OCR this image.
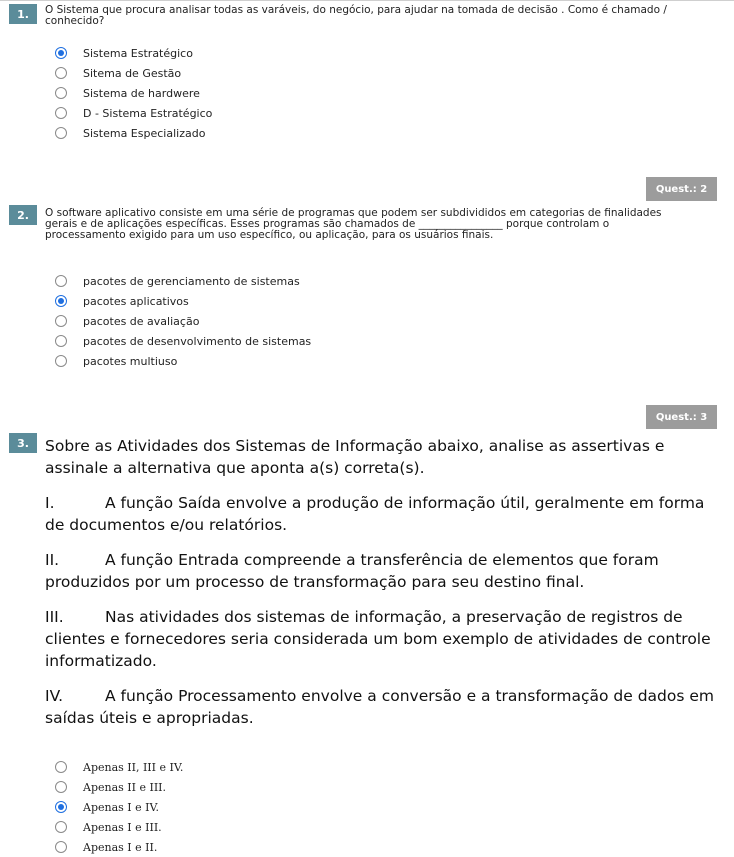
1.	O Sistema que procura analisar todas as varáveis, do negócio, para ajudar na tomada de decisão . Como é chamado /
conhecido?
Sistema Estratégico
Sitema de Gestão
Sistema de hardwere
D - Sistema Estratégico
Sistema Especializado
Quest.: 2
2.	O software aplicativo consiste em uma série de programas que podem ser subdivididos em categorias de finalidades
gerais e de aplicações específicas. Esses programas são chamados de ________________ porque controlam o
processamento exigido para um uso específico, ou aplicação, para os usuários finais.
pacotes de gerenciamento de sistemas
pacotes aplicativos
pacotes de avaliação
pacotes de desenvolvimento de sistemas
pacotes multiuso
Quest.: 3
3.	Sobre as Atividades dos Sistemas de Informação abaixo, analise as assertivas e assinale a alternativa que aponta a(s) correta(s).

I.	A função Saída envolve a produção de informação útil, geralmente em forma de documentos e/ou relatórios.

II.	A função Entrada compreende a transferência de elementos que foram produzidos por um processo de transformação para seu destino final.

III.	Nas atividades dos sistemas de informação, a preservação de registros de clientes e fornecedores seria considerada um bom exemplo de atividades de controle informatizado.

IV.	A função Processamento envolve a conversão e a transformação de dados em saídas úteis e apropriadas.

Apenas II, III e IV.
Apenas II e III.
Apenas I e IV.
Apenas I e III.
Apenas I e II.
